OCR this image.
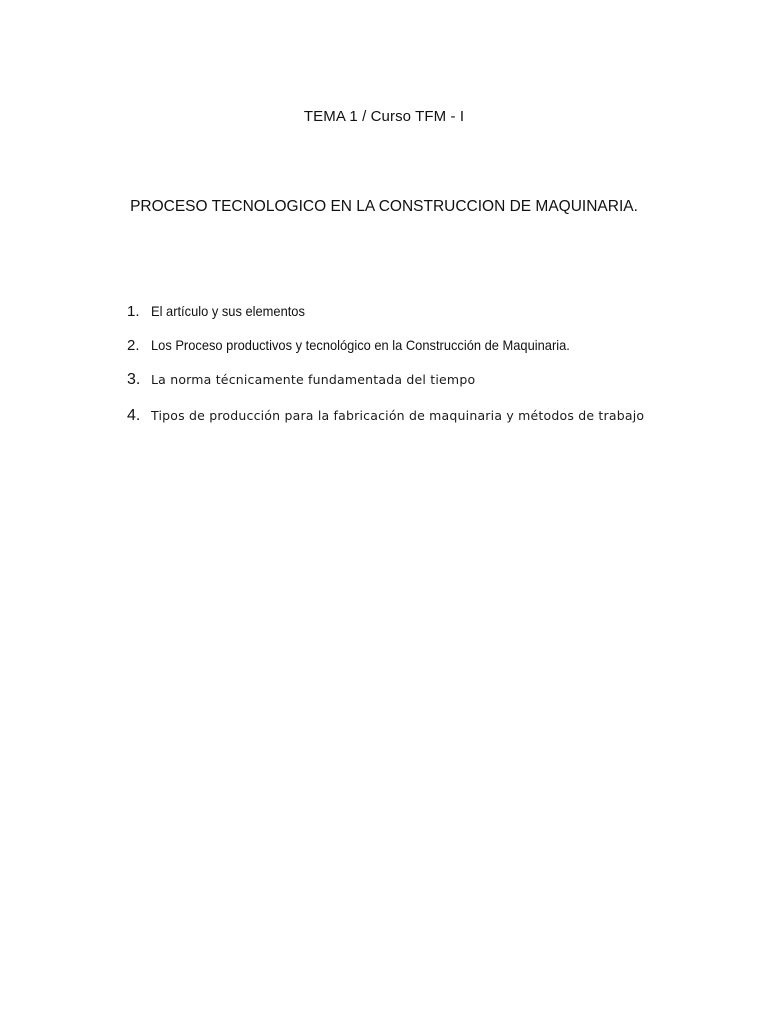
TEMA 1 / Curso TFM - I
PROCESO TECNOLOGICO EN LA CONSTRUCCION DE MAQUINARIA.
1. El artículo y sus elementos
2. Los Proceso productivos y tecnológico en la Construcción de Maquinaria.
3. La norma técnicamente fundamentada del tiempo
4. Tipos de producción para la fabricación de maquinaria y métodos de trabajo
